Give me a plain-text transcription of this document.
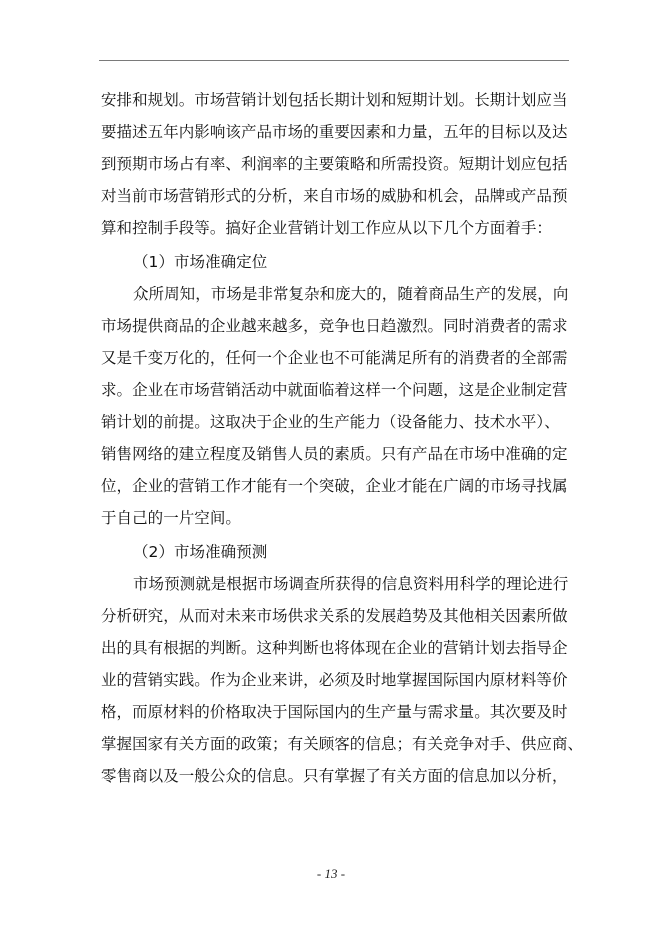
安排和规划。市场营销计划包括长期计划和短期计划。长期计划应当
要描述五年内影响该产品市场的重要因素和力量，五年的目标以及达
到预期市场占有率、利润率的主要策略和所需投资。短期计划应包括
对当前市场营销形式的分析，来自市场的威胁和机会，品牌或产品预
算和控制手段等。搞好企业营销计划工作应从以下几个方面着手：
（1）市场准确定位
众所周知，市场是非常复杂和庞大的，随着商品生产的发展，向
市场提供商品的企业越来越多，竞争也日趋激烈。同时消费者的需求
又是千变万化的，任何一个企业也不可能满足所有的消费者的全部需
求。企业在市场营销活动中就面临着这样一个问题，这是企业制定营
销计划的前提。这取决于企业的生产能力（设备能力、技术水平）、
销售网络的建立程度及销售人员的素质。只有产品在市场中准确的定
位，企业的营销工作才能有一个突破，企业才能在广阔的市场寻找属
于自己的一片空间。
（2）市场准确预测
市场预测就是根据市场调查所获得的信息资料用科学的理论进行
分析研究，从而对未来市场供求关系的发展趋势及其他相关因素所做
出的具有根据的判断。这种判断也将体现在企业的营销计划去指导企
业的营销实践。作为企业来讲，必须及时地掌握国际国内原材料等价
格，而原材料的价格取决于国际国内的生产量与需求量。其次要及时
掌握国家有关方面的政策；有关顾客的信息；有关竞争对手、供应商、
零售商以及一般公众的信息。只有掌握了有关方面的信息加以分析，
- 13 -
